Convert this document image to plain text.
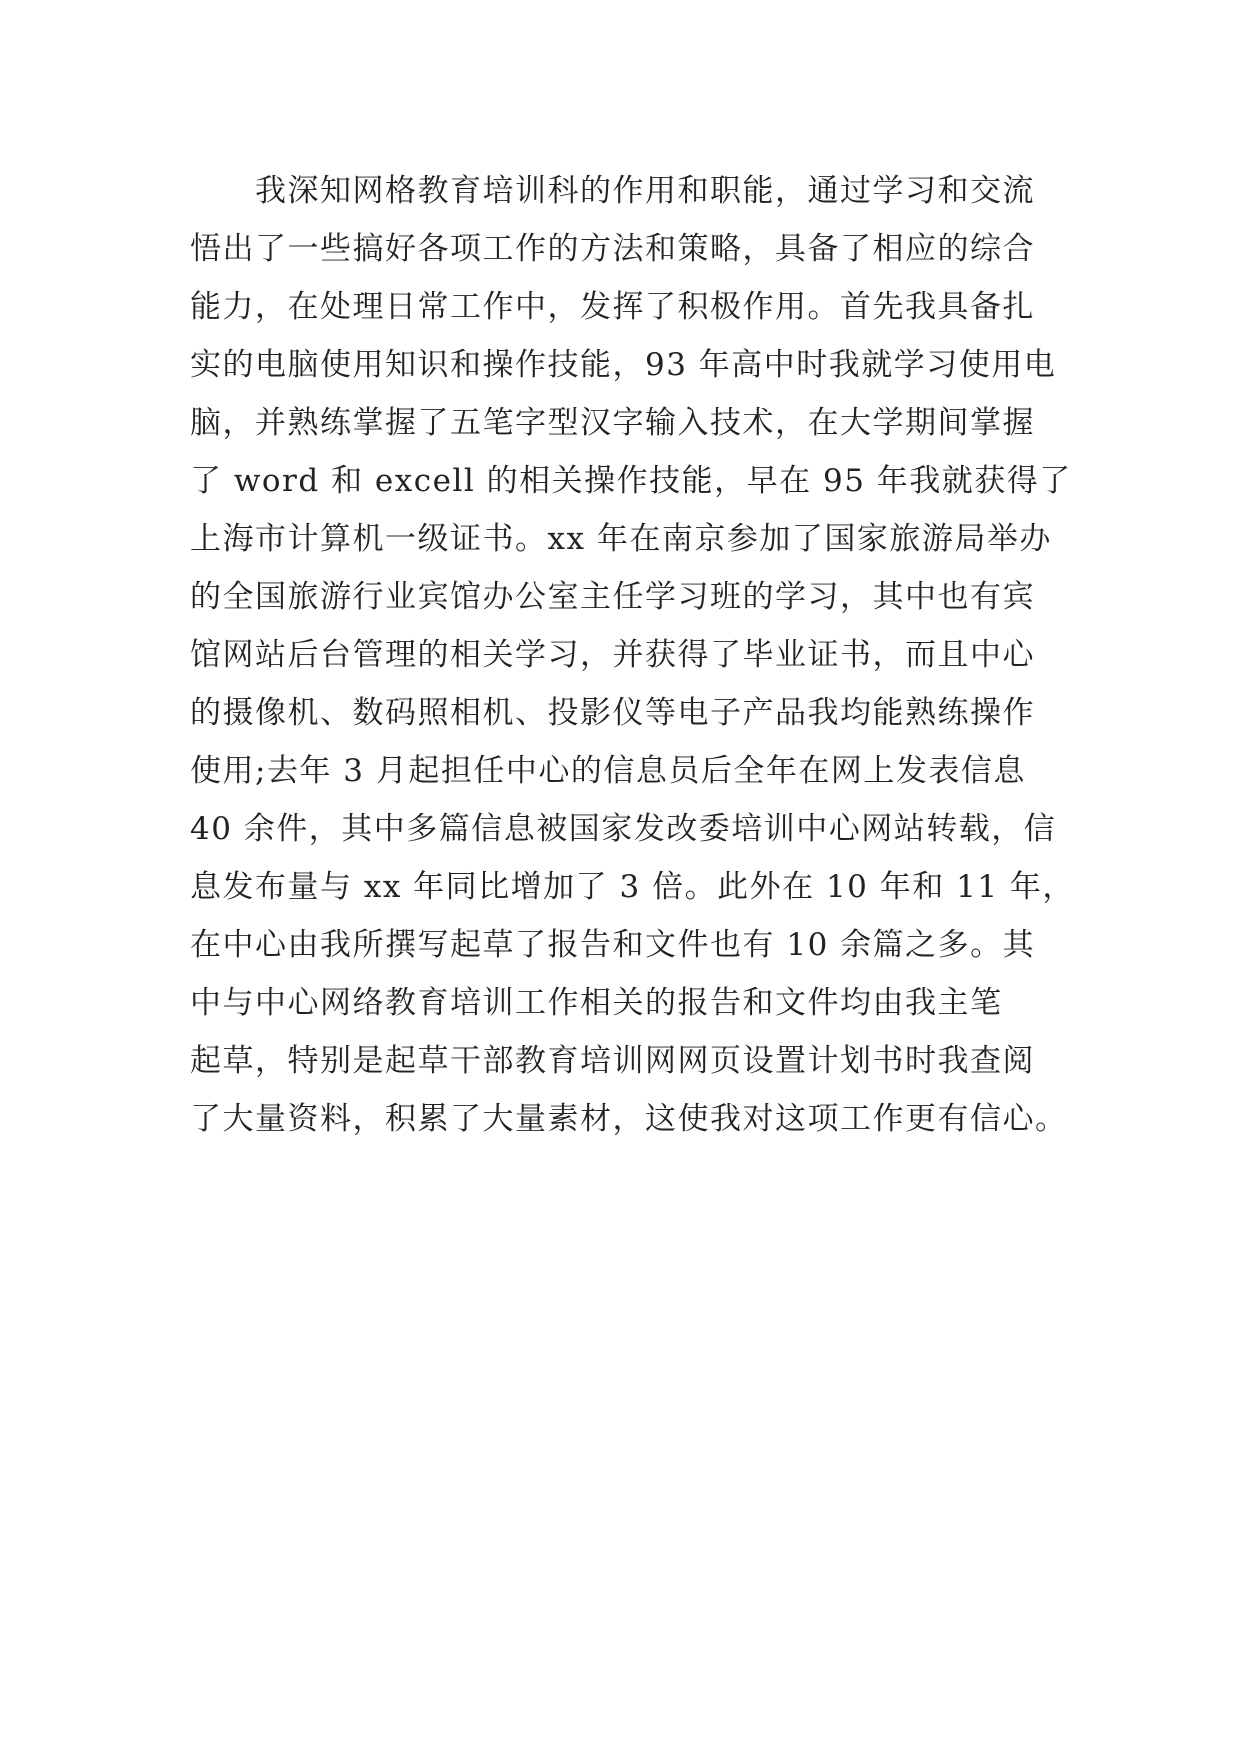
　　我深知网格教育培训科的作用和职能，通过学习和交流
悟出了一些搞好各项工作的方法和策略，具备了相应的综合
能力，在处理日常工作中，发挥了积极作用。首先我具备扎
实的电脑使用知识和操作技能，93 年高中时我就学习使用电
脑，并熟练掌握了五笔字型汉字输入技术，在大学期间掌握
了 word 和 excell 的相关操作技能，早在 95 年我就获得了
上海市计算机一级证书。xx 年在南京参加了国家旅游局举办
的全国旅游行业宾馆办公室主任学习班的学习，其中也有宾
馆网站后台管理的相关学习，并获得了毕业证书，而且中心
的摄像机、数码照相机、投影仪等电子产品我均能熟练操作
使用;去年 3 月起担任中心的信息员后全年在网上发表信息
40 余件，其中多篇信息被国家发改委培训中心网站转载，信
息发布量与 xx 年同比增加了 3 倍。此外在 10 年和 11 年，
在中心由我所撰写起草了报告和文件也有 10 余篇之多。其
中与中心网络教育培训工作相关的报告和文件均由我主笔
起草，特别是起草干部教育培训网网页设置计划书时我查阅
了大量资料，积累了大量素材，这使我对这项工作更有信心。
